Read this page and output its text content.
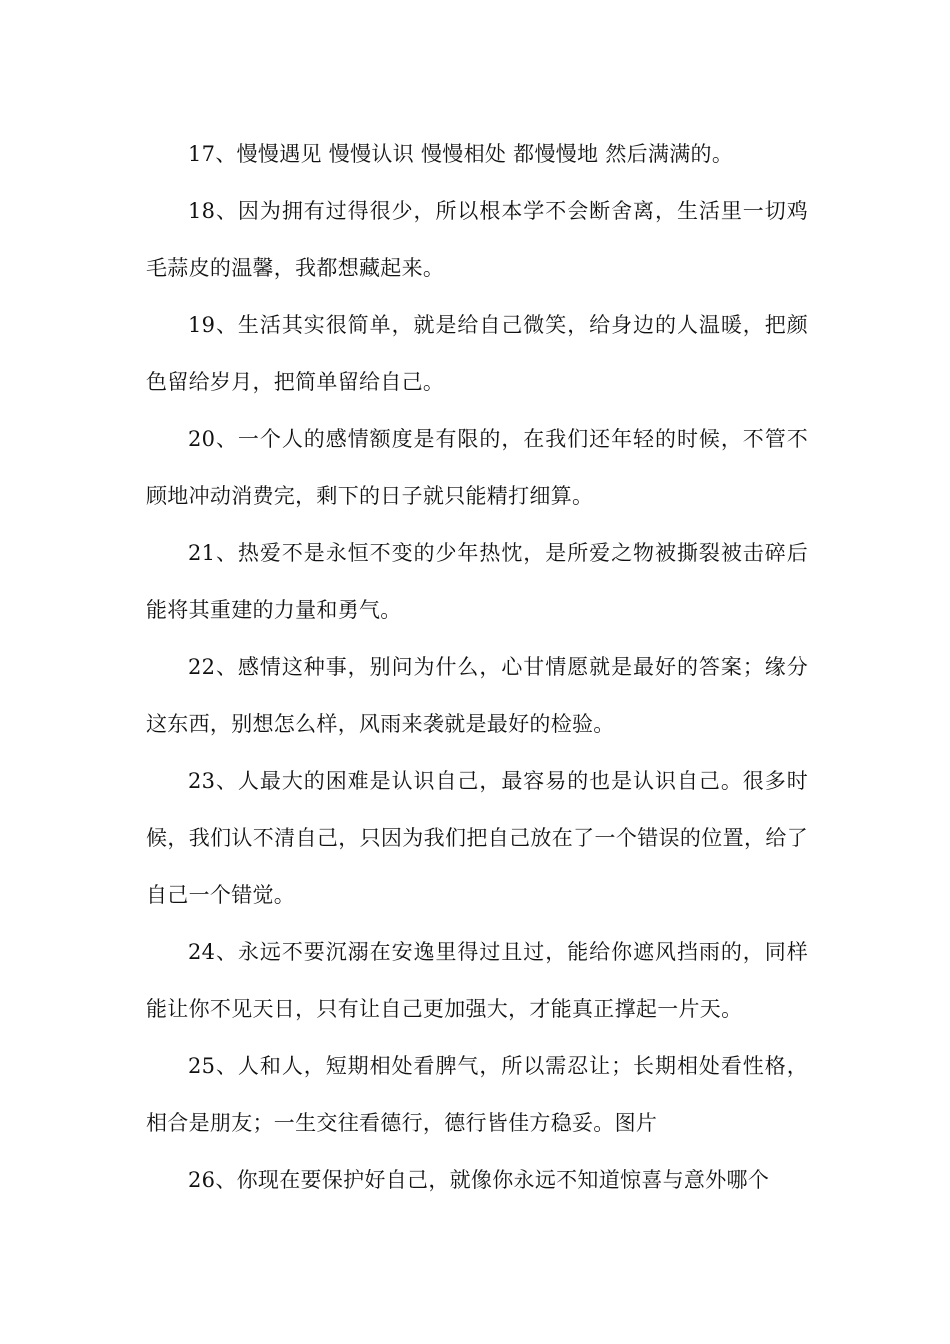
17、慢慢遇见 慢慢认识 慢慢相处 都慢慢地 然后满满的。

18、因为拥有过得很少，所以根本学不会断舍离，生活里一切鸡毛蒜皮的温馨，我都想藏起来。

19、生活其实很简单，就是给自己微笑，给身边的人温暖，把颜色留给岁月，把简单留给自己。

20、一个人的感情额度是有限的，在我们还年轻的时候，不管不顾地冲动消费完，剩下的日子就只能精打细算。

21、热爱不是永恒不变的少年热忱，是所爱之物被撕裂被击碎后能将其重建的力量和勇气。

22、感情这种事，别问为什么，心甘情愿就是最好的答案；缘分这东西，别想怎么样，风雨来袭就是最好的检验。

23、人最大的困难是认识自己，最容易的也是认识自己。很多时候，我们认不清自己，只因为我们把自己放在了一个错误的位置，给了自己一个错觉。

24、永远不要沉溺在安逸里得过且过，能给你遮风挡雨的，同样能让你不见天日，只有让自己更加强大，才能真正撑起一片天。

25、人和人，短期相处看脾气，所以需忍让；长期相处看性格，相合是朋友；一生交往看德行，德行皆佳方稳妥。图片

26、你现在要保护好自己，就像你永远不知道惊喜与意外哪个
